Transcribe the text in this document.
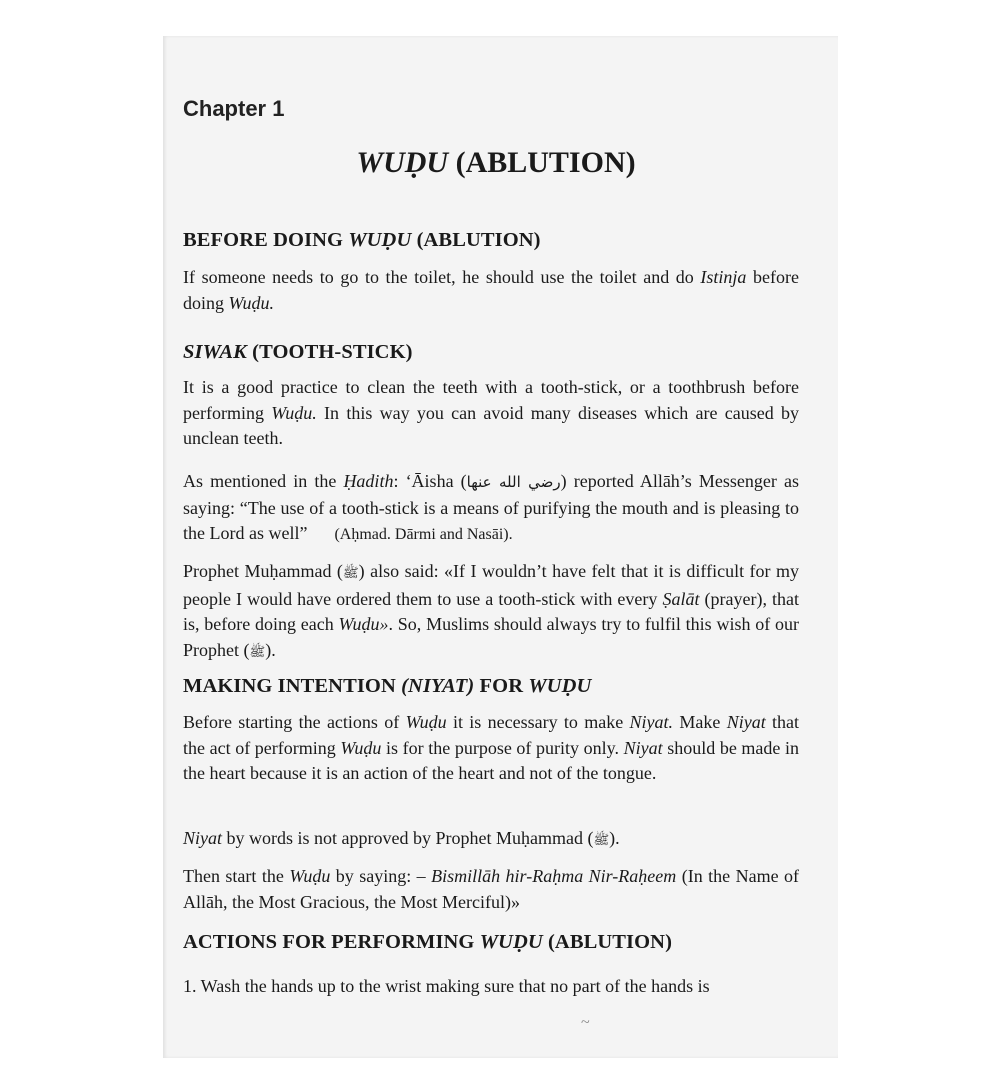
Chapter 1
WUḌU (ABLUTION)
BEFORE DOING WUḌU (ABLUTION)
If someone needs to go to the toilet, he should use the toilet and do Istinja before doing Wuḍu.
SIWAK (TOOTH-STICK)
It is a good practice to clean the teeth with a tooth-stick, or a toothbrush before performing Wuḍu. In this way you can avoid many diseases which are caused by unclean teeth.
As mentioned in the Ḥadith: ‘Āisha (رضي الله عنها) reported Allāh’s Messenger as saying: “The use of a tooth-stick is a means of purifying the mouth and is pleasing to the Lord as well” (Aḥmad. Dārmi and Nasāi).
Prophet Muḥammad (ﷺ) also said: «If I wouldn’t have felt that it is difficult for my people I would have ordered them to use a tooth-stick with every Ṣalāt (prayer), that is, before doing each Wuḍu». So, Muslims should always try to fulfil this wish of our Prophet (ﷺ).
MAKING INTENTION (NIYAT) FOR WUḌU
Before starting the actions of Wuḍu it is necessary to make Niyat. Make Niyat that the act of performing Wuḍu is for the purpose of purity only. Niyat should be made in the heart because it is an action of the heart and not of the tongue.
Niyat by words is not approved by Prophet Muḥammad (ﷺ).
Then start the Wuḍu by saying: – Bismillāh hir-Raḥma Nir-Raḥeem (In the Name of Allāh, the Most Gracious, the Most Merciful)»
ACTIONS FOR PERFORMING WUḌU (ABLUTION)
1. Wash the hands up to the wrist making sure that no part of the hands is
~
